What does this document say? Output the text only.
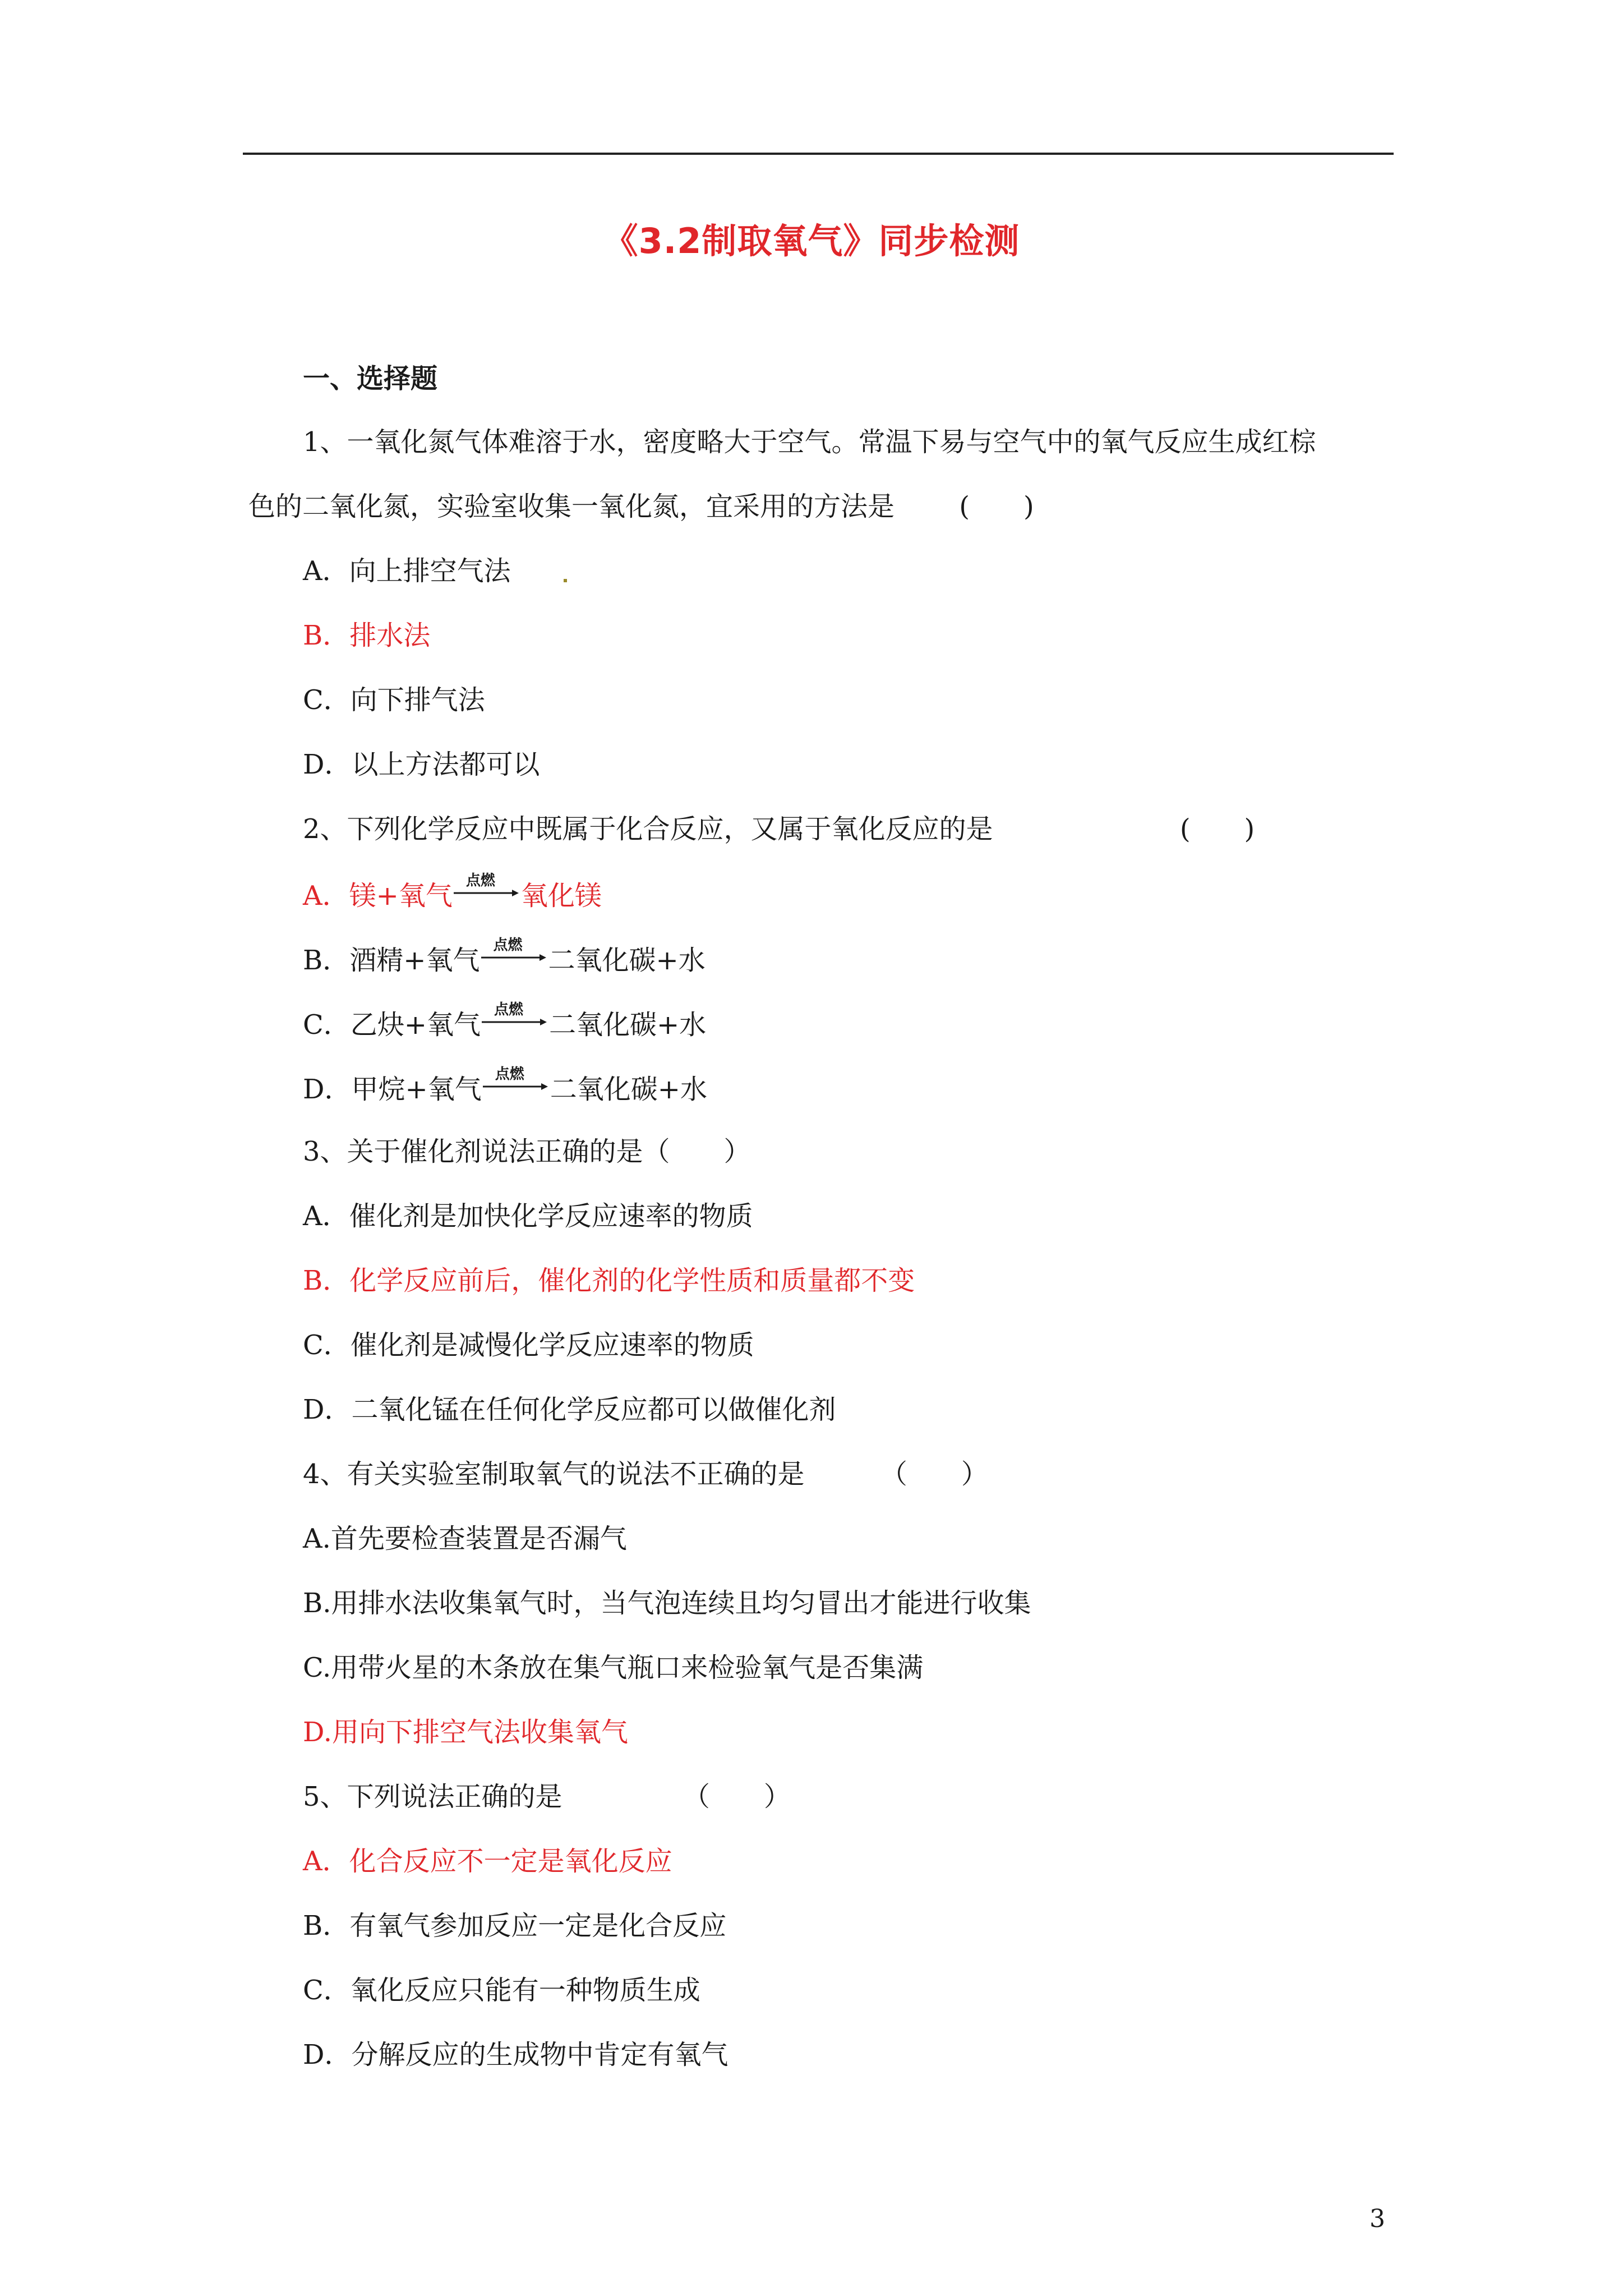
《3.2制取氧气》同步检测
一、选择题
1、一氧化氮气体难溶于水，密度略大于空气。常温下易与空气中的氧气反应生成红棕
色的二氧化氮，实验室收集一氧化氮，宜采用的方法是 (  )
A．向上排空气法
B．排水法
C．向下排气法
D．以上方法都可以
2、下列化学反应中既属于化合反应，又属于氧化反应的是	(  )
A．镁+氧气 点燃 氧化镁
B．酒精+氧气 点燃 二氧化碳+水
C．乙炔+氧气 点燃 二氧化碳+水
D．甲烷+氧气 点燃 二氧化碳+水
3、关于催化剂说法正确的是（  ）
A．催化剂是加快化学反应速率的物质
B．化学反应前后，催化剂的化学性质和质量都不变
C．催化剂是减慢化学反应速率的物质
D．二氧化锰在任何化学反应都可以做催化剂
4、有关实验室制取氧气的说法不正确的是	（  ）
A.首先要检查装置是否漏气
B.用排水法收集氧气时，当气泡连续且均匀冒出才能进行收集
C.用带火星的木条放在集气瓶口来检验氧气是否集满
D.用向下排空气法收集氧气
5、下列说法正确的是	（  ）
A．化合反应不一定是氧化反应
B．有氧气参加反应一定是化合反应
C．氧化反应只能有一种物质生成
D．分解反应的生成物中肯定有氧气
3
